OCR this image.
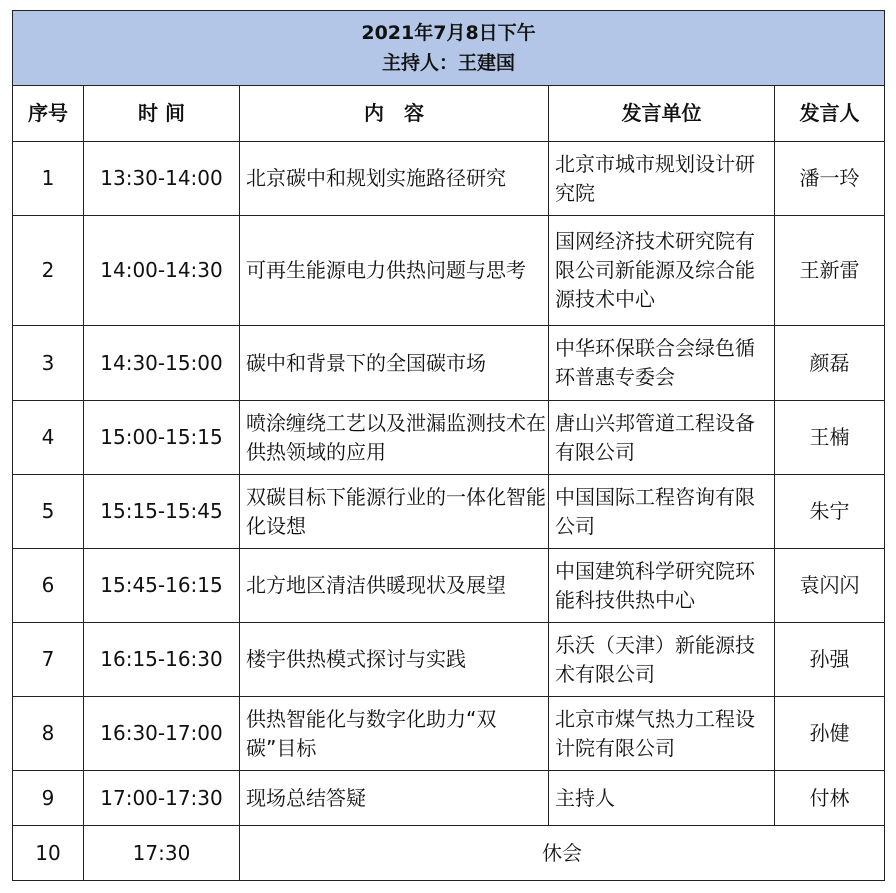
2021年7月8日下午
主持人：王建国				

序号	时 间	内　容	发言单位	发言人
1	13:30-14:00	北京碳中和规划实施路径研究	北京市城市规划设计研究院	潘一玲
2	14:00-14:30	可再生能源电力供热问题与思考	国网经济技术研究院有限公司新能源及综合能源技术中心	王新雷
3	14:30-15:00	碳中和背景下的全国碳市场	中华环保联合会绿色循环普惠专委会	颜磊
4	15:00-15:15	喷涂缠绕工艺以及泄漏监测技术在供热领域的应用	唐山兴邦管道工程设备有限公司	王楠
5	15:15-15:45	双碳目标下能源行业的一体化智能化设想	中国国际工程咨询有限公司	朱宁
6	15:45-16:15	北方地区清洁供暖现状及展望	中国建筑科学研究院环能科技供热中心	袁闪闪
7	16:15-16:30	楼宇供热模式探讨与实践	乐沃（天津）新能源技术有限公司	孙强
8	16:30-17:00	供热智能化与数字化助力“双碳”目标	北京市煤气热力工程设计院有限公司	孙健
9	17:00-17:30	现场总结答疑	主持人	付林
10	17:30	休会		
